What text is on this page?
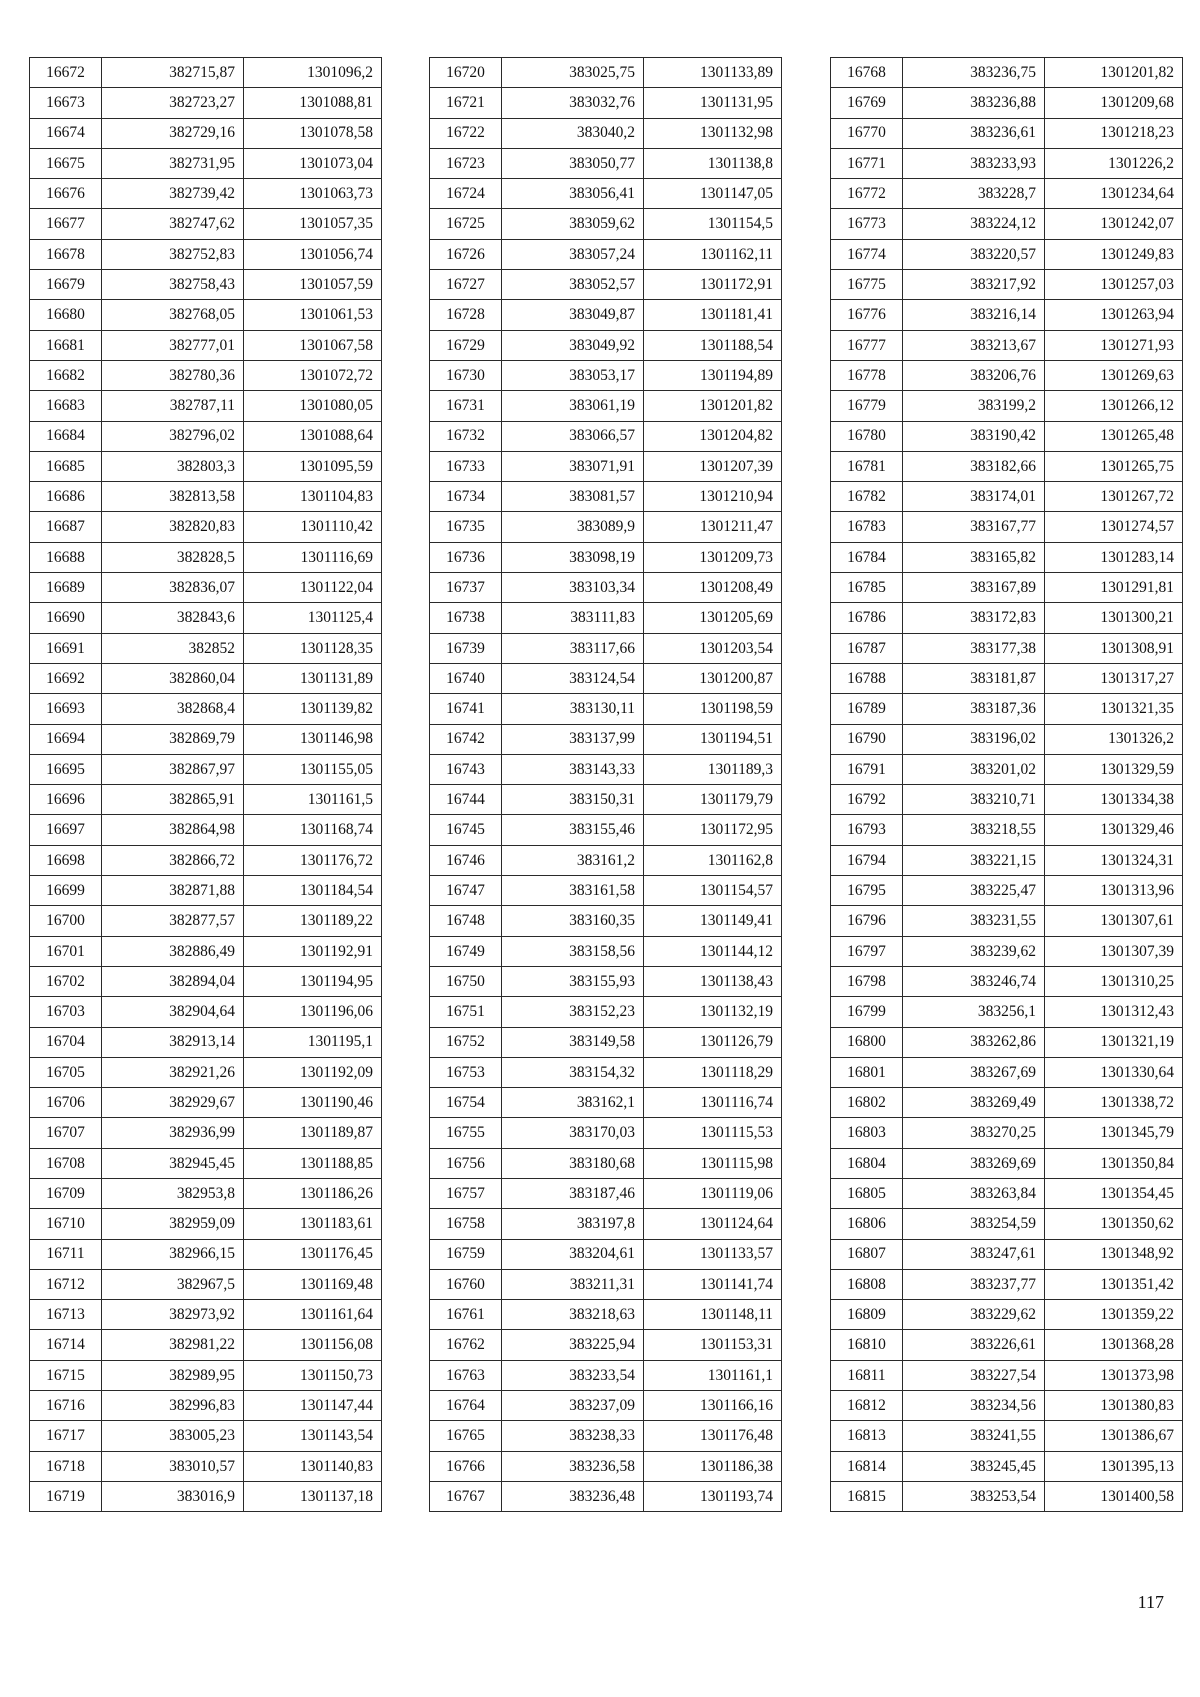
16672	382715,87	1301096,2
16673	382723,27	1301088,81
16674	382729,16	1301078,58
16675	382731,95	1301073,04
16676	382739,42	1301063,73
16677	382747,62	1301057,35
16678	382752,83	1301056,74
16679	382758,43	1301057,59
16680	382768,05	1301061,53
16681	382777,01	1301067,58
16682	382780,36	1301072,72
16683	382787,11	1301080,05
16684	382796,02	1301088,64
16685	382803,3	1301095,59
16686	382813,58	1301104,83
16687	382820,83	1301110,42
16688	382828,5	1301116,69
16689	382836,07	1301122,04
16690	382843,6	1301125,4
16691	382852	1301128,35
16692	382860,04	1301131,89
16693	382868,4	1301139,82
16694	382869,79	1301146,98
16695	382867,97	1301155,05
16696	382865,91	1301161,5
16697	382864,98	1301168,74
16698	382866,72	1301176,72
16699	382871,88	1301184,54
16700	382877,57	1301189,22
16701	382886,49	1301192,91
16702	382894,04	1301194,95
16703	382904,64	1301196,06
16704	382913,14	1301195,1
16705	382921,26	1301192,09
16706	382929,67	1301190,46
16707	382936,99	1301189,87
16708	382945,45	1301188,85
16709	382953,8	1301186,26
16710	382959,09	1301183,61
16711	382966,15	1301176,45
16712	382967,5	1301169,48
16713	382973,92	1301161,64
16714	382981,22	1301156,08
16715	382989,95	1301150,73
16716	382996,83	1301147,44
16717	383005,23	1301143,54
16718	383010,57	1301140,83
16719	383016,9	1301137,18
16720	383025,75	1301133,89
16721	383032,76	1301131,95
16722	383040,2	1301132,98
16723	383050,77	1301138,8
16724	383056,41	1301147,05
16725	383059,62	1301154,5
16726	383057,24	1301162,11
16727	383052,57	1301172,91
16728	383049,87	1301181,41
16729	383049,92	1301188,54
16730	383053,17	1301194,89
16731	383061,19	1301201,82
16732	383066,57	1301204,82
16733	383071,91	1301207,39
16734	383081,57	1301210,94
16735	383089,9	1301211,47
16736	383098,19	1301209,73
16737	383103,34	1301208,49
16738	383111,83	1301205,69
16739	383117,66	1301203,54
16740	383124,54	1301200,87
16741	383130,11	1301198,59
16742	383137,99	1301194,51
16743	383143,33	1301189,3
16744	383150,31	1301179,79
16745	383155,46	1301172,95
16746	383161,2	1301162,8
16747	383161,58	1301154,57
16748	383160,35	1301149,41
16749	383158,56	1301144,12
16750	383155,93	1301138,43
16751	383152,23	1301132,19
16752	383149,58	1301126,79
16753	383154,32	1301118,29
16754	383162,1	1301116,74
16755	383170,03	1301115,53
16756	383180,68	1301115,98
16757	383187,46	1301119,06
16758	383197,8	1301124,64
16759	383204,61	1301133,57
16760	383211,31	1301141,74
16761	383218,63	1301148,11
16762	383225,94	1301153,31
16763	383233,54	1301161,1
16764	383237,09	1301166,16
16765	383238,33	1301176,48
16766	383236,58	1301186,38
16767	383236,48	1301193,74
16768	383236,75	1301201,82
16769	383236,88	1301209,68
16770	383236,61	1301218,23
16771	383233,93	1301226,2
16772	383228,7	1301234,64
16773	383224,12	1301242,07
16774	383220,57	1301249,83
16775	383217,92	1301257,03
16776	383216,14	1301263,94
16777	383213,67	1301271,93
16778	383206,76	1301269,63
16779	383199,2	1301266,12
16780	383190,42	1301265,48
16781	383182,66	1301265,75
16782	383174,01	1301267,72
16783	383167,77	1301274,57
16784	383165,82	1301283,14
16785	383167,89	1301291,81
16786	383172,83	1301300,21
16787	383177,38	1301308,91
16788	383181,87	1301317,27
16789	383187,36	1301321,35
16790	383196,02	1301326,2
16791	383201,02	1301329,59
16792	383210,71	1301334,38
16793	383218,55	1301329,46
16794	383221,15	1301324,31
16795	383225,47	1301313,96
16796	383231,55	1301307,61
16797	383239,62	1301307,39
16798	383246,74	1301310,25
16799	383256,1	1301312,43
16800	383262,86	1301321,19
16801	383267,69	1301330,64
16802	383269,49	1301338,72
16803	383270,25	1301345,79
16804	383269,69	1301350,84
16805	383263,84	1301354,45
16806	383254,59	1301350,62
16807	383247,61	1301348,92
16808	383237,77	1301351,42
16809	383229,62	1301359,22
16810	383226,61	1301368,28
16811	383227,54	1301373,98
16812	383234,56	1301380,83
16813	383241,55	1301386,67
16814	383245,45	1301395,13
16815	383253,54	1301400,58
117
